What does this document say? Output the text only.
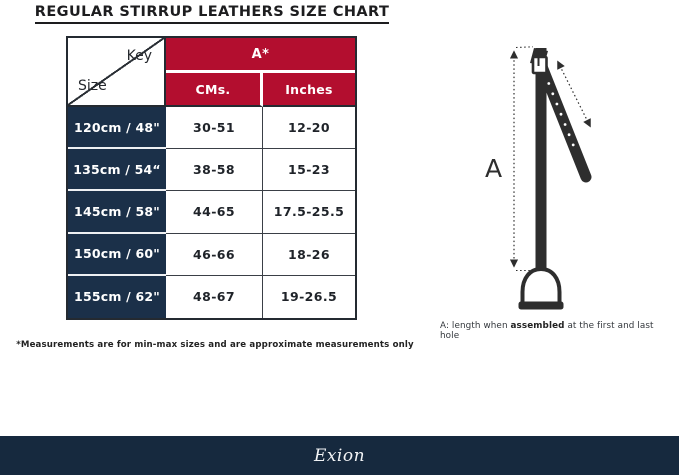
REGULAR STIRRUP LEATHERS SIZE CHART
Key
Size
A*
CMs.	Inches
120cm / 48"	30-51	12-20
135cm / 54“	38-58	15-23
145cm / 58"	44-65	17.5-25.5
150cm / 60"	46-66	18-26
155cm / 62"	48-67	19-26.5
*Measurements are for min-max sizes and are approximate measurements only
A
A: length when assembled at the first and last hole
Exion
